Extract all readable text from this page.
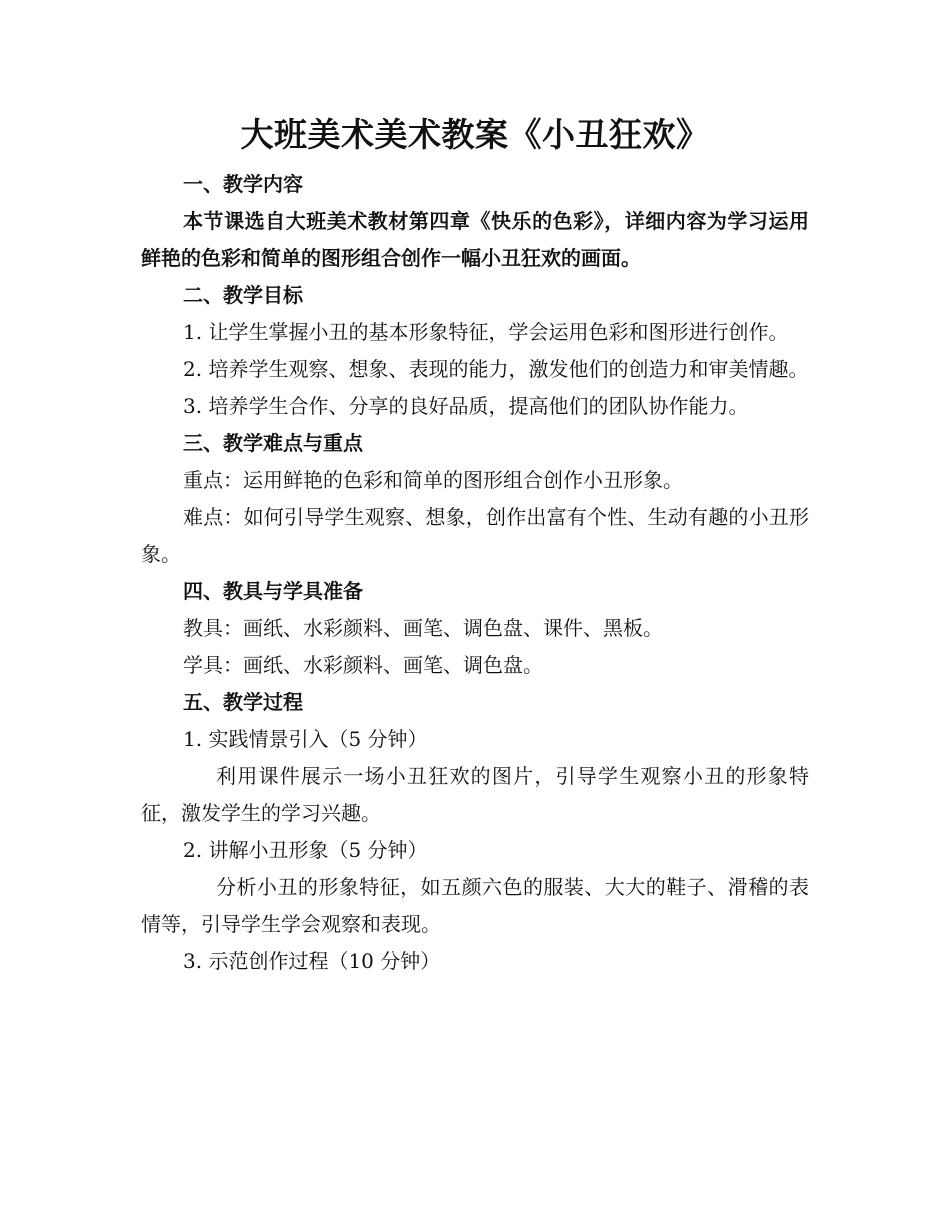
大班美术美术教案《小丑狂欢》

一、教学内容

本节课选自大班美术教材第四章《快乐的色彩》，详细内容为学习运用鲜艳的色彩和简单的图形组合创作一幅小丑狂欢的画面。

二、教学目标

1. 让学生掌握小丑的基本形象特征，学会运用色彩和图形进行创作。

2. 培养学生观察、想象、表现的能力，激发他们的创造力和审美情趣。

3. 培养学生合作、分享的良好品质，提高他们的团队协作能力。

三、教学难点与重点

重点：运用鲜艳的色彩和简单的图形组合创作小丑形象。

难点：如何引导学生观察、想象，创作出富有个性、生动有趣的小丑形象。

四、教具与学具准备

教具：画纸、水彩颜料、画笔、调色盘、课件、黑板。

学具：画纸、水彩颜料、画笔、调色盘。

五、教学过程

1. 实践情景引入（5 分钟）

利用课件展示一场小丑狂欢的图片，引导学生观察小丑的形象特征，激发学生的学习兴趣。

2. 讲解小丑形象（5 分钟）

分析小丑的形象特征，如五颜六色的服装、大大的鞋子、滑稽的表情等，引导学生学会观察和表现。

3. 示范创作过程（10 分钟）
